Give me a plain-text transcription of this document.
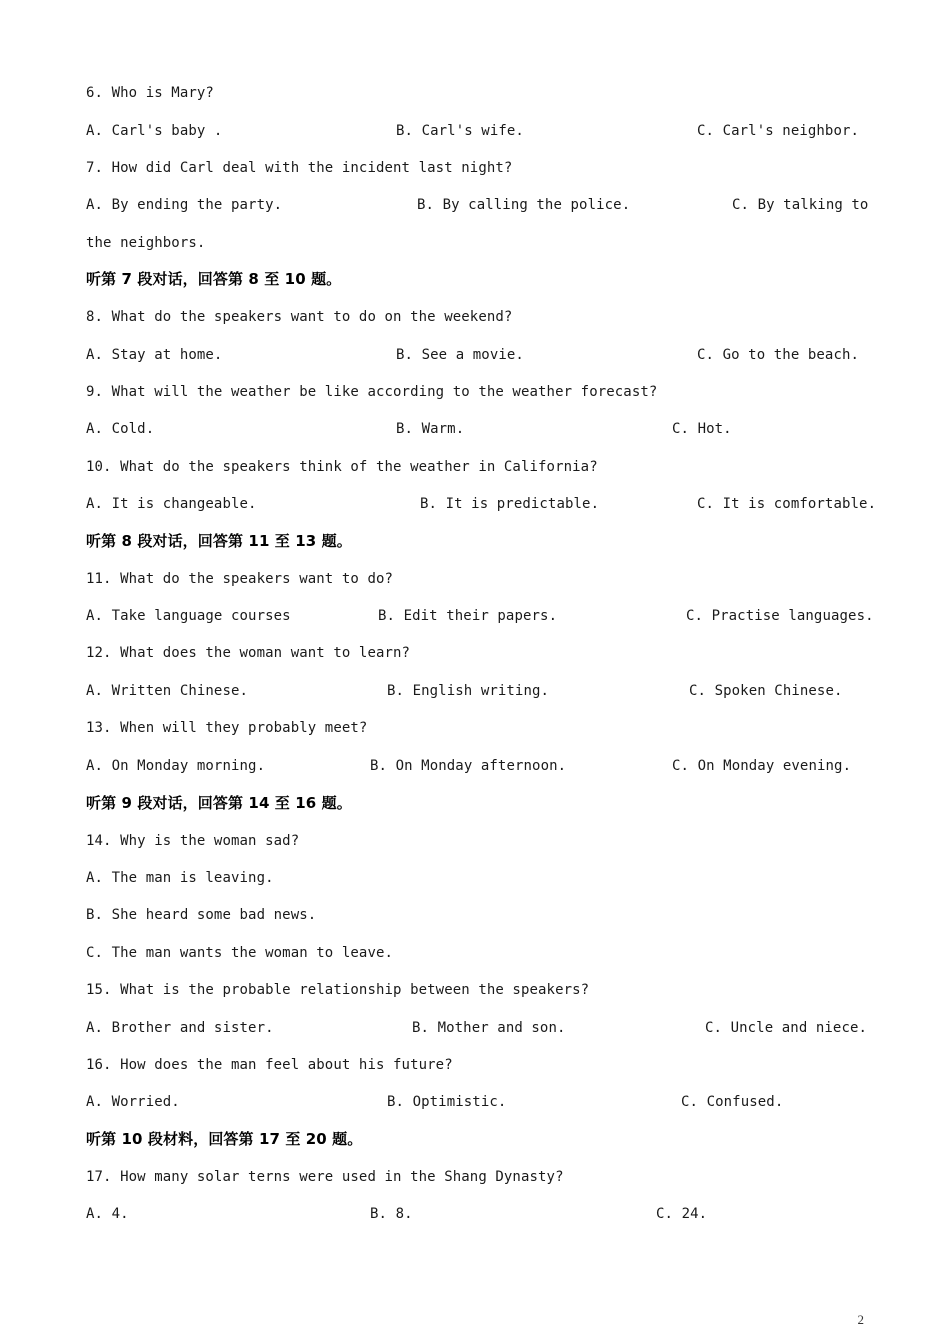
6. Who is Mary?
A. Carl's baby .	B. Carl's wife.	C. Carl's neighbor.
7. How did Carl deal with the incident last night?
A. By ending the party.	B. By calling the police.	C. By talking to
the neighbors.
听第 7 段对话，回答第 8 至 10 题。
8. What do the speakers want to do on the weekend?
A. Stay at home.	B. See a movie.	C. Go to the beach.
9. What will the weather be like according to the weather forecast?
A. Cold.	B. Warm.	C. Hot.
10. What do the speakers think of the weather in California?
A. It is changeable.	B. It is predictable.	C. It is comfortable.
听第 8 段对话，回答第 11 至 13 题。
11. What do the speakers want to do?
A. Take language courses	B. Edit their papers.	C. Practise languages.
12. What does the woman want to learn?
A. Written Chinese.	B. English writing.	C. Spoken Chinese.
13. When will they probably meet?
A. On Monday morning.	B. On Monday afternoon.	C. On Monday evening.
听第 9 段对话，回答第 14 至 16 题。
14. Why is the woman sad?
A. The man is leaving.
B. She heard some bad news.
C. The man wants the woman to leave.
15. What is the probable relationship between the speakers?
A. Brother and sister.	B. Mother and son.	C. Uncle and niece.
16. How does the man feel about his future?
A. Worried.	B. Optimistic.	C. Confused.
听第 10 段材料，回答第 17 至 20 题。
17. How many solar terns were used in the Shang Dynasty?
A. 4.	B. 8.	C. 24.
2
